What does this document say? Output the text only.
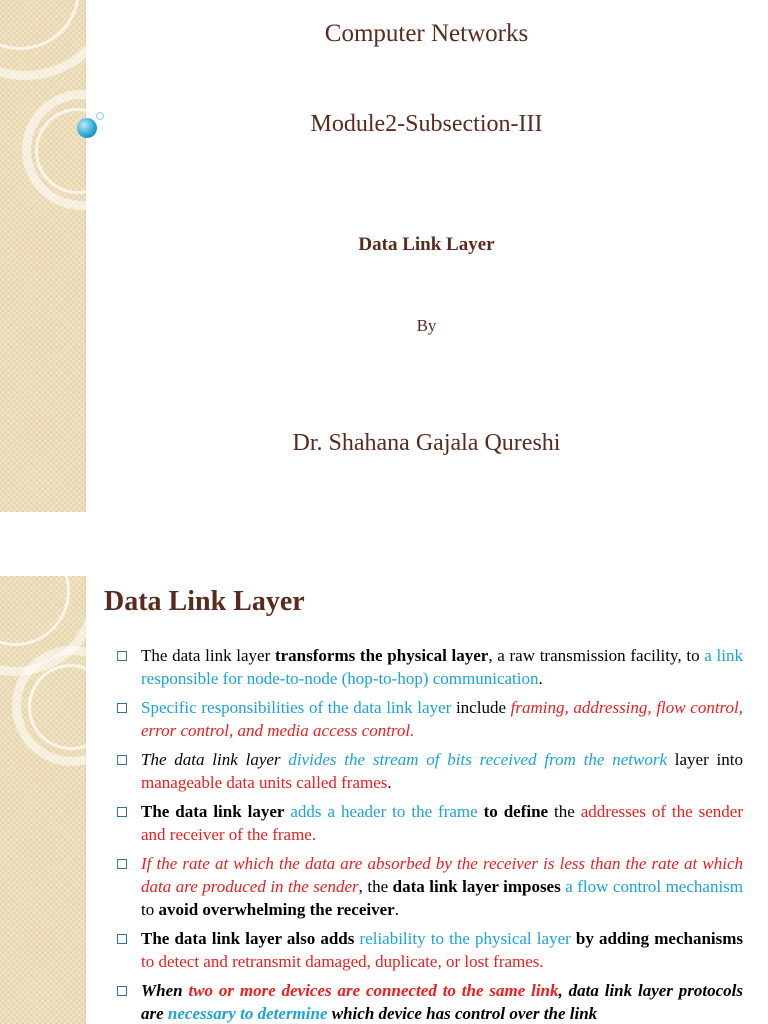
Computer Networks
Module2-Subsection-III
Data Link Layer
By
Dr. Shahana Gajala Qureshi
Data Link Layer
The data link layer transforms the physical layer, a raw transmission facility, to a link responsible for node-to-node (hop-to-hop) communication.
Specific responsibilities of the data link layer include framing, addressing, flow control, error control, and media access control.
The data link layer divides the stream of bits received from the network layer into manageable data units called frames.
The data link layer adds a header to the frame to define the addresses of the sender and receiver of the frame.
If the rate at which the data are absorbed by the receiver is less than the rate at which data are produced in the sender, the data link layer imposes a flow control mechanism to avoid overwhelming the receiver.
The data link layer also adds reliability to the physical layer by adding mechanisms to detect and retransmit damaged, duplicate, or lost frames.
When two or more devices are connected to the same link, data link layer protocols are necessary to determine which device has control over the link
